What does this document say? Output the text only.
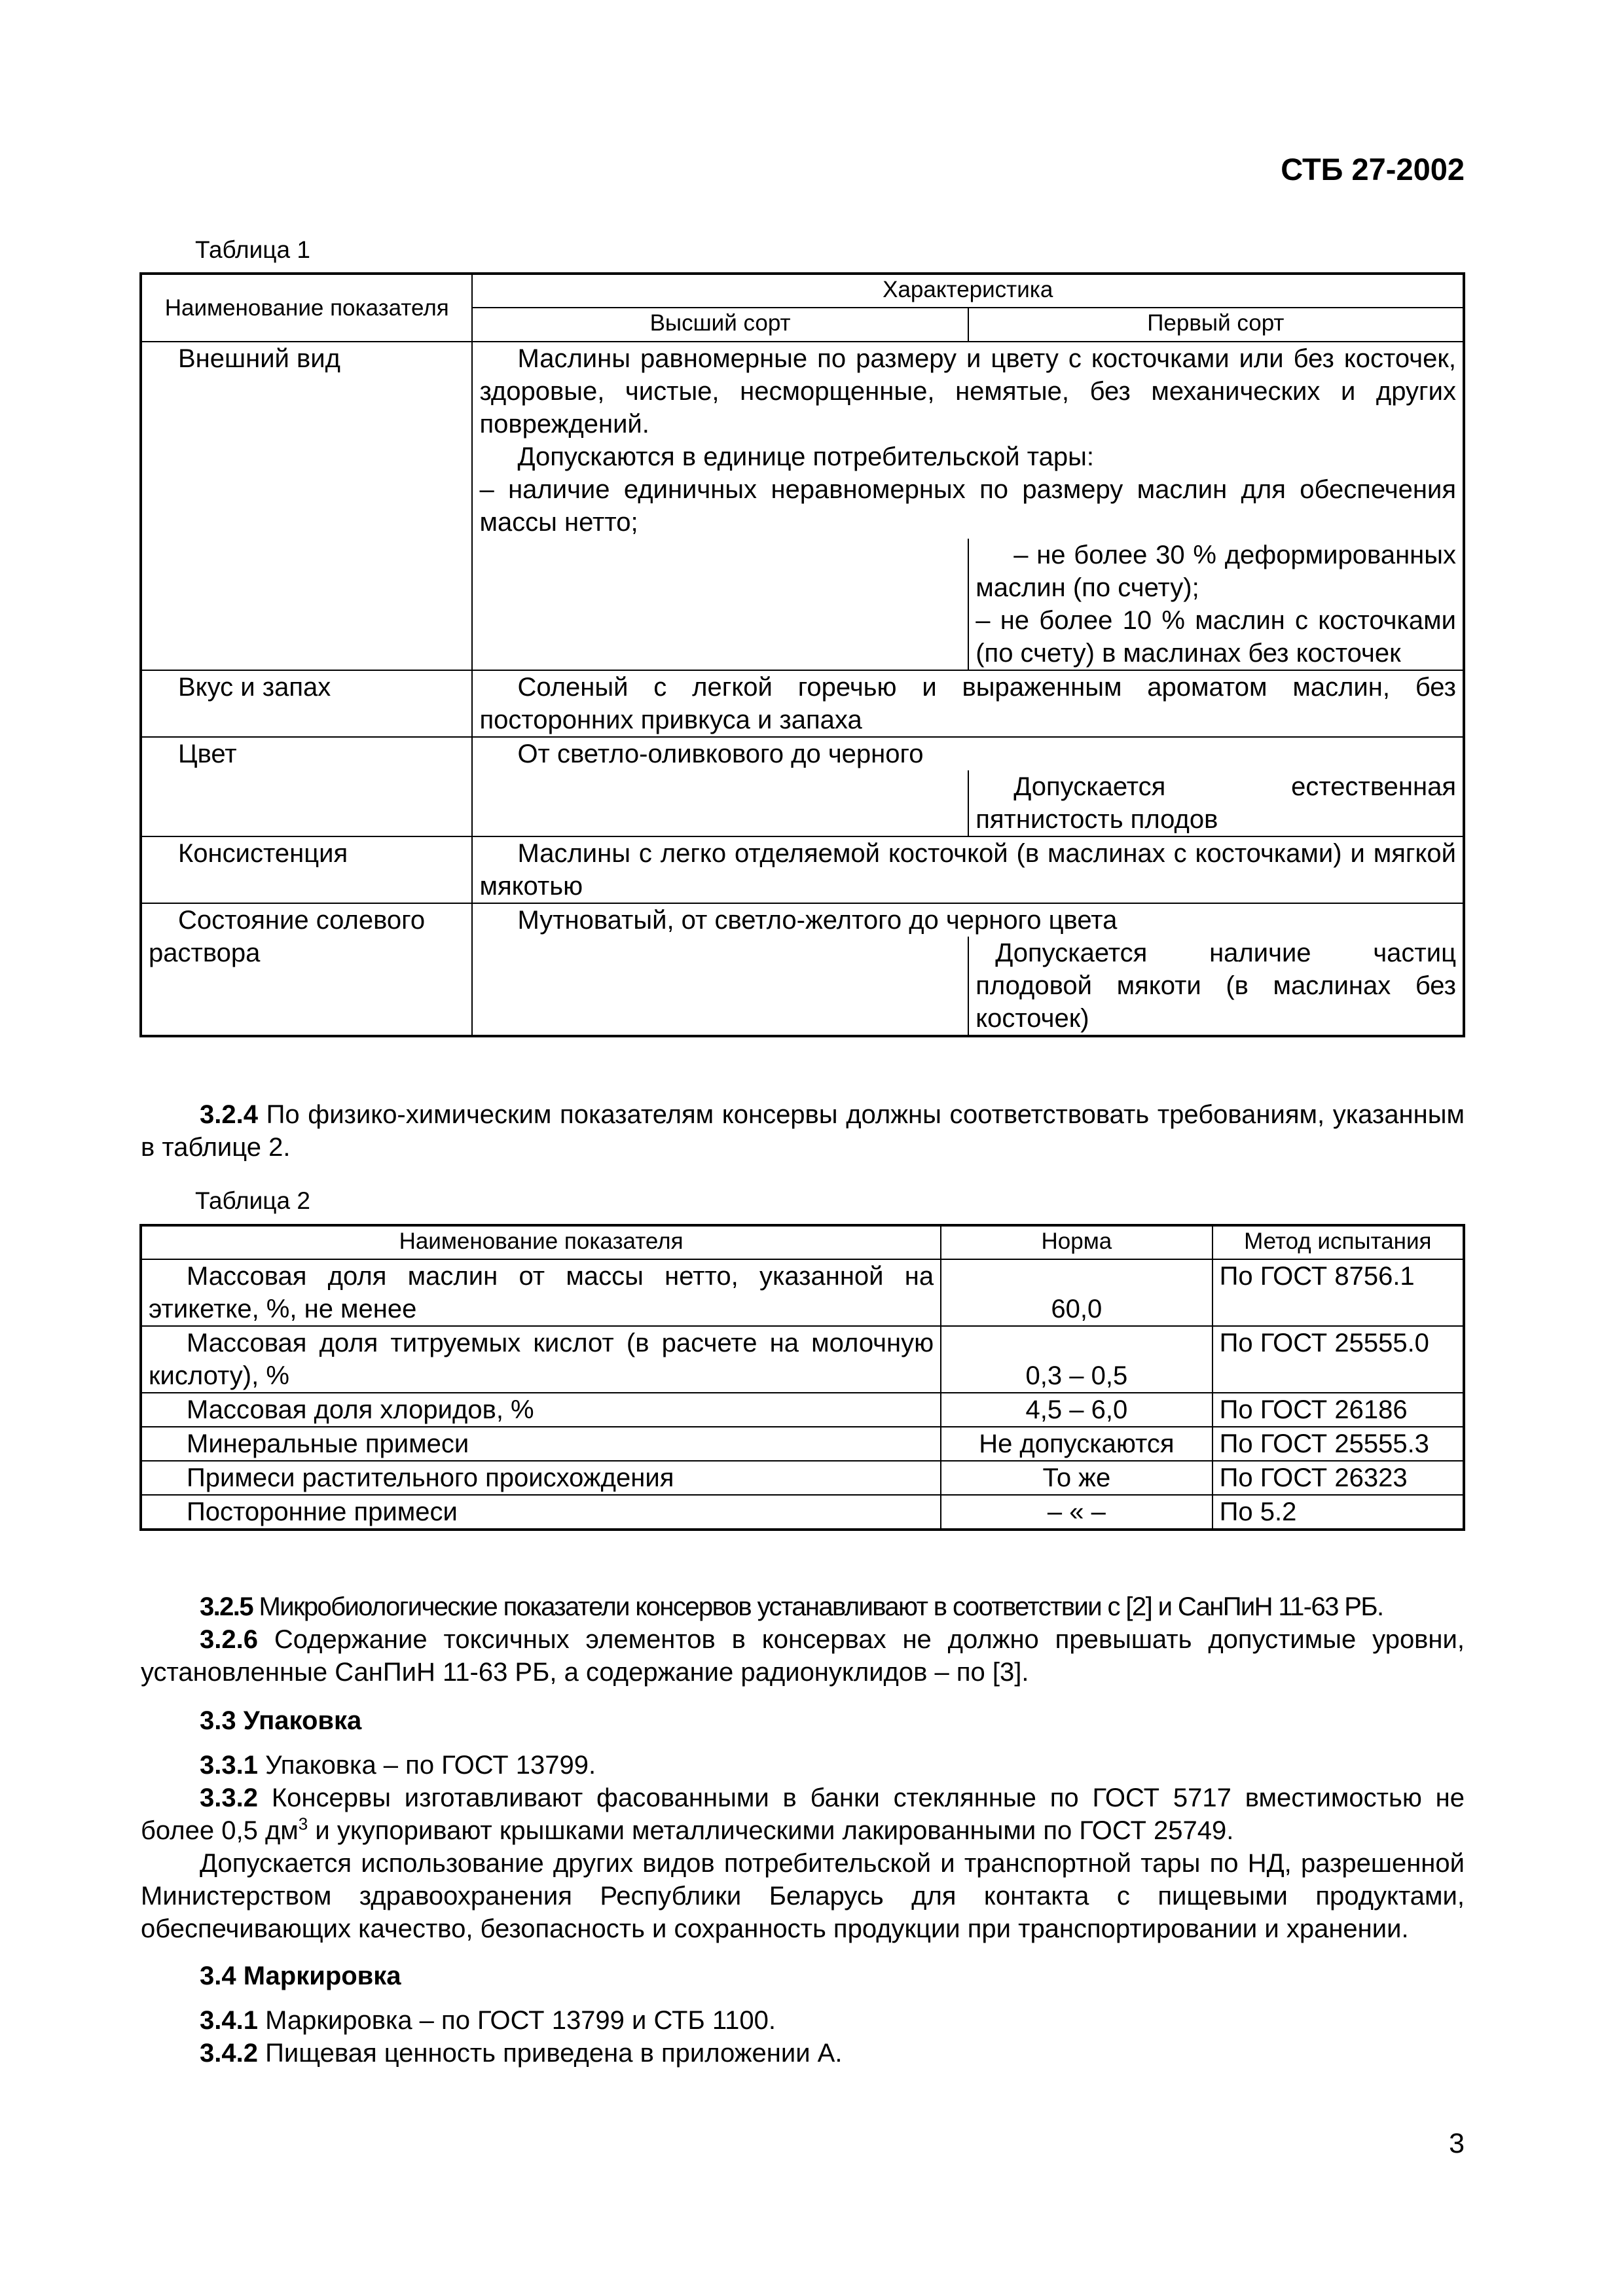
СТБ 27-2002
Таблица 1
Наименование показателя	Характеристика	
	Высший сорт	Первый сорт
Внешний вид	Маслины равномерные по размеру и цвету с косточками или без косточек, здоровые, чистые, несморщенные, немятые, без механических и других повреждений.
Допускаются в единице потребительской тары:
– наличие единичных неравномерных по размеру маслин для обеспечения массы нетто;
– не более 30 % деформированных маслин (по счету);
– не более 10 % маслин с косточками (по счету) в маслинах без косточек	

Вкус и запах	Соленый с легкой горечью и выраженным ароматом маслин, без посторонних привкуса и запаха	

Цвет	От светло-оливкового до черного
Допускается естественная пятнистость плодов	

Консистенция	Маслины с легко отделяемой косточкой (в маслинах с косточками) и мягкой мякотью	

Состояние солевого раствора	Мутноватый, от светло-желтого до черного цвета
Допускается наличие частиц плодовой мякоти (в маслинах без косточек)	
3.2.4 По физико-химическим показателям консервы должны соответствовать требованиям, указанным в таблице 2.
Таблица 2
Наименование показателя	Норма	Метод испытания
Массовая доля маслин от массы нетто, указанной на этикетке, %, не менее	60,0	По ГОСТ 8756.1
Массовая доля титруемых кислот (в расчете на молочную кислоту), %	0,3 – 0,5	По ГОСТ 25555.0
Массовая доля хлоридов, %	4,5 – 6,0	По ГОСТ 26186
Минеральные примеси	Не допускаются	По ГОСТ 25555.3
Примеси растительного происхождения	То же	По ГОСТ 26323
Посторонние примеси	– « –	По 5.2
3.2.5 Микробиологические показатели консервов устанавливают в соответствии с [2] и СанПиН 11-63 РБ.
3.2.6 Содержание токсичных элементов в консервах не должно превышать допустимые уровни, установленные СанПиН 11-63 РБ, а содержание радионуклидов – по [3].
3.3 Упаковка
3.3.1 Упаковка – по ГОСТ 13799.
3.3.2 Консервы изготавливают фасованными в банки стеклянные по ГОСТ 5717 вместимостью не более 0,5 $дм^3$ и укупоривают крышками металлическими лакированными по ГОСТ 25749.
Допускается использование других видов потребительской и транспортной тары по НД, разрешенной Министерством здравоохранения Республики Беларусь для контакта с пищевыми продуктами, обеспечивающих качество, безопасность и сохранность продукции при транспортировании и хранении.
3.4 Маркировка
3.4.1 Маркировка – по ГОСТ 13799 и СТБ 1100.
3.4.2 Пищевая ценность приведена в приложении А.
3
